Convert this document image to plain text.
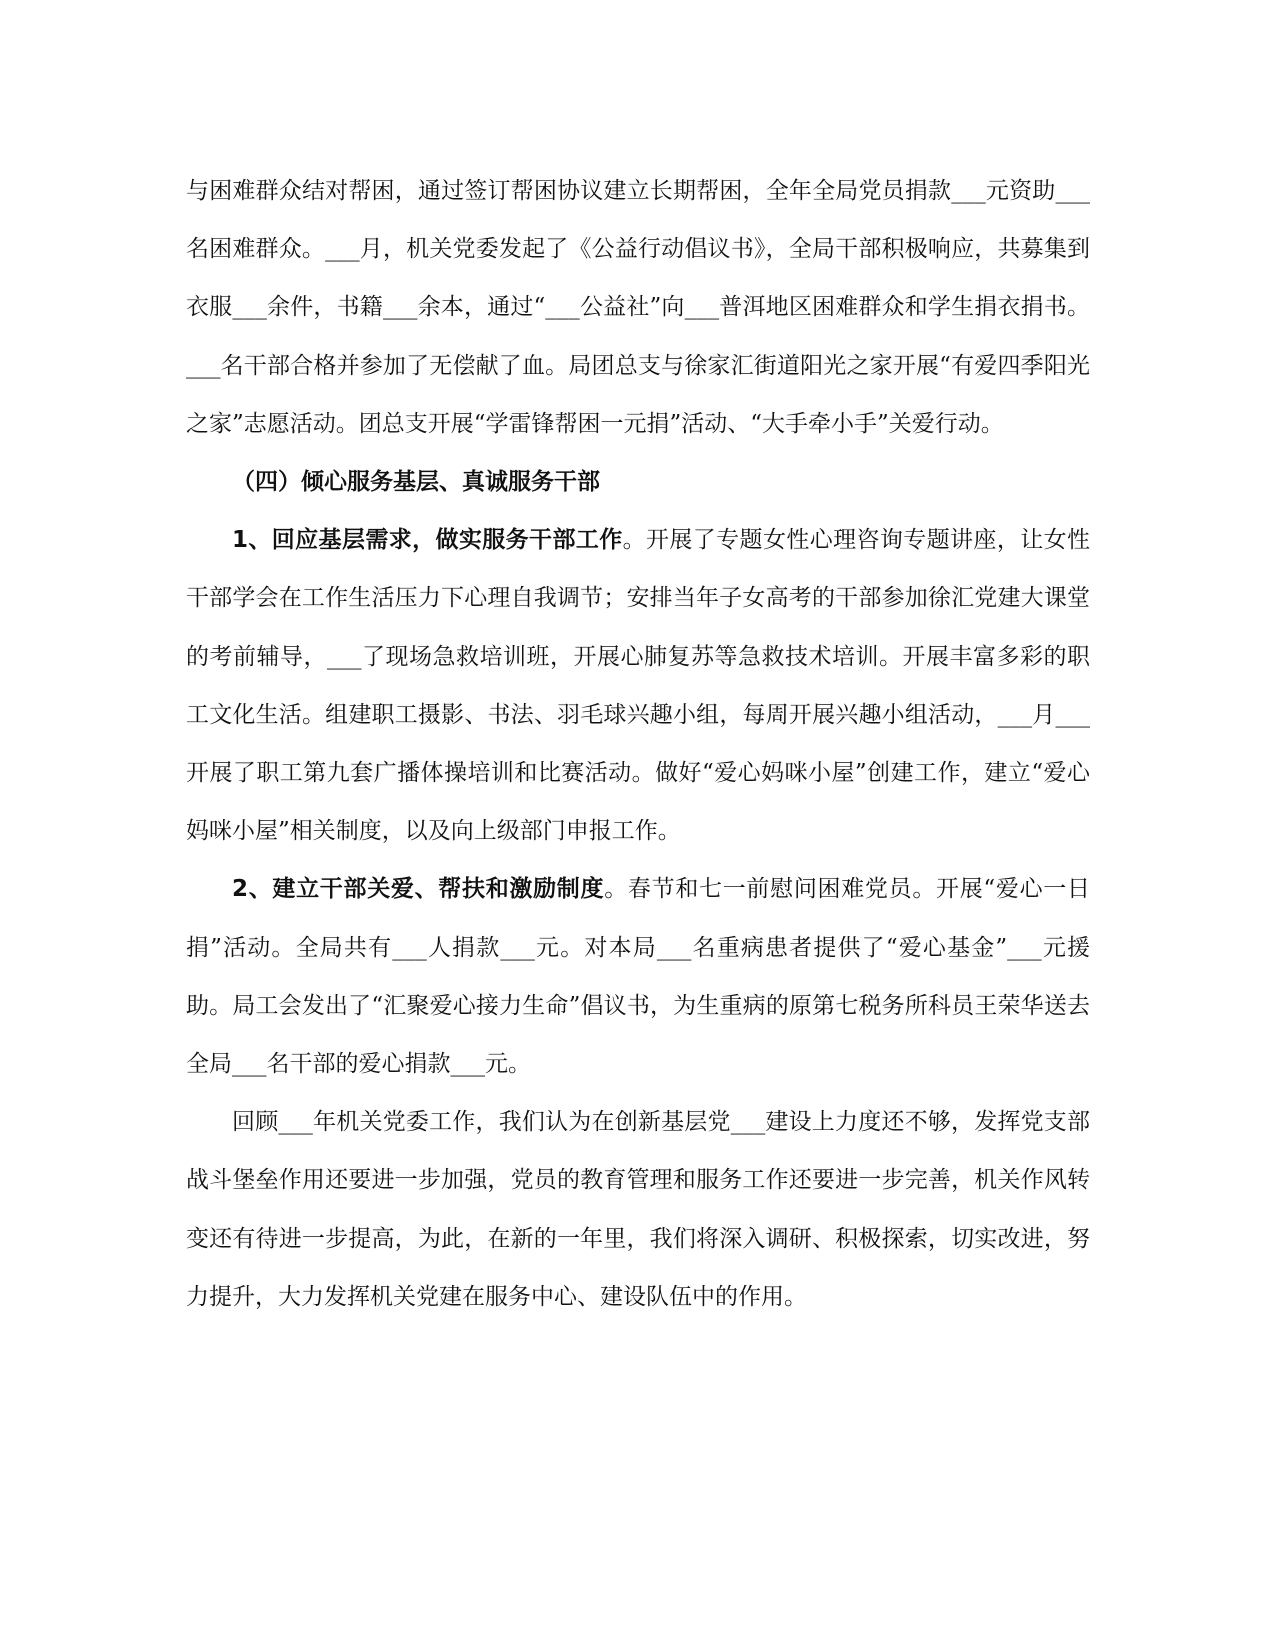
与困难群众结对帮困，通过签订帮困协议建立长期帮困，全年全局党员捐款___元资助___名困难群众。___月，机关党委发起了《公益行动倡议书》，全局干部积极响应，共募集到衣服___余件，书籍___余本，通过“___公益社”向___普洱地区困难群众和学生捐衣捐书。___名干部合格并参加了无偿献了血。局团总支与徐家汇街道阳光之家开展“有爱四季阳光之家”志愿活动。团总支开展“学雷锋帮困一元捐”活动、“大手牵小手”关爱行动。

（四）倾心服务基层、真诚服务干部

1、回应基层需求，做实服务干部工作。开展了专题女性心理咨询专题讲座，让女性干部学会在工作生活压力下心理自我调节；安排当年子女高考的干部参加徐汇党建大课堂的考前辅导，___了现场急救培训班，开展心肺复苏等急救技术培训。开展丰富多彩的职工文化生活。组建职工摄影、书法、羽毛球兴趣小组，每周开展兴趣小组活动，___月___开展了职工第九套广播体操培训和比赛活动。做好“爱心妈咪小屋”创建工作，建立“爱心妈咪小屋”相关制度，以及向上级部门申报工作。

2、建立干部关爱、帮扶和激励制度。春节和七一前慰问困难党员。开展“爱心一日捐”活动。全局共有___人捐款___元。对本局___名重病患者提供了“爱心基金”___元援助。局工会发出了“汇聚爱心接力生命”倡议书，为生重病的原第七税务所科员王荣华送去全局___名干部的爱心捐款___元。

回顾___年机关党委工作，我们认为在创新基层党___建设上力度还不够，发挥党支部战斗堡垒作用还要进一步加强，党员的教育管理和服务工作还要进一步完善，机关作风转变还有待进一步提高，为此，在新的一年里，我们将深入调研、积极探索，切实改进，努力提升，大力发挥机关党建在服务中心、建设队伍中的作用。
